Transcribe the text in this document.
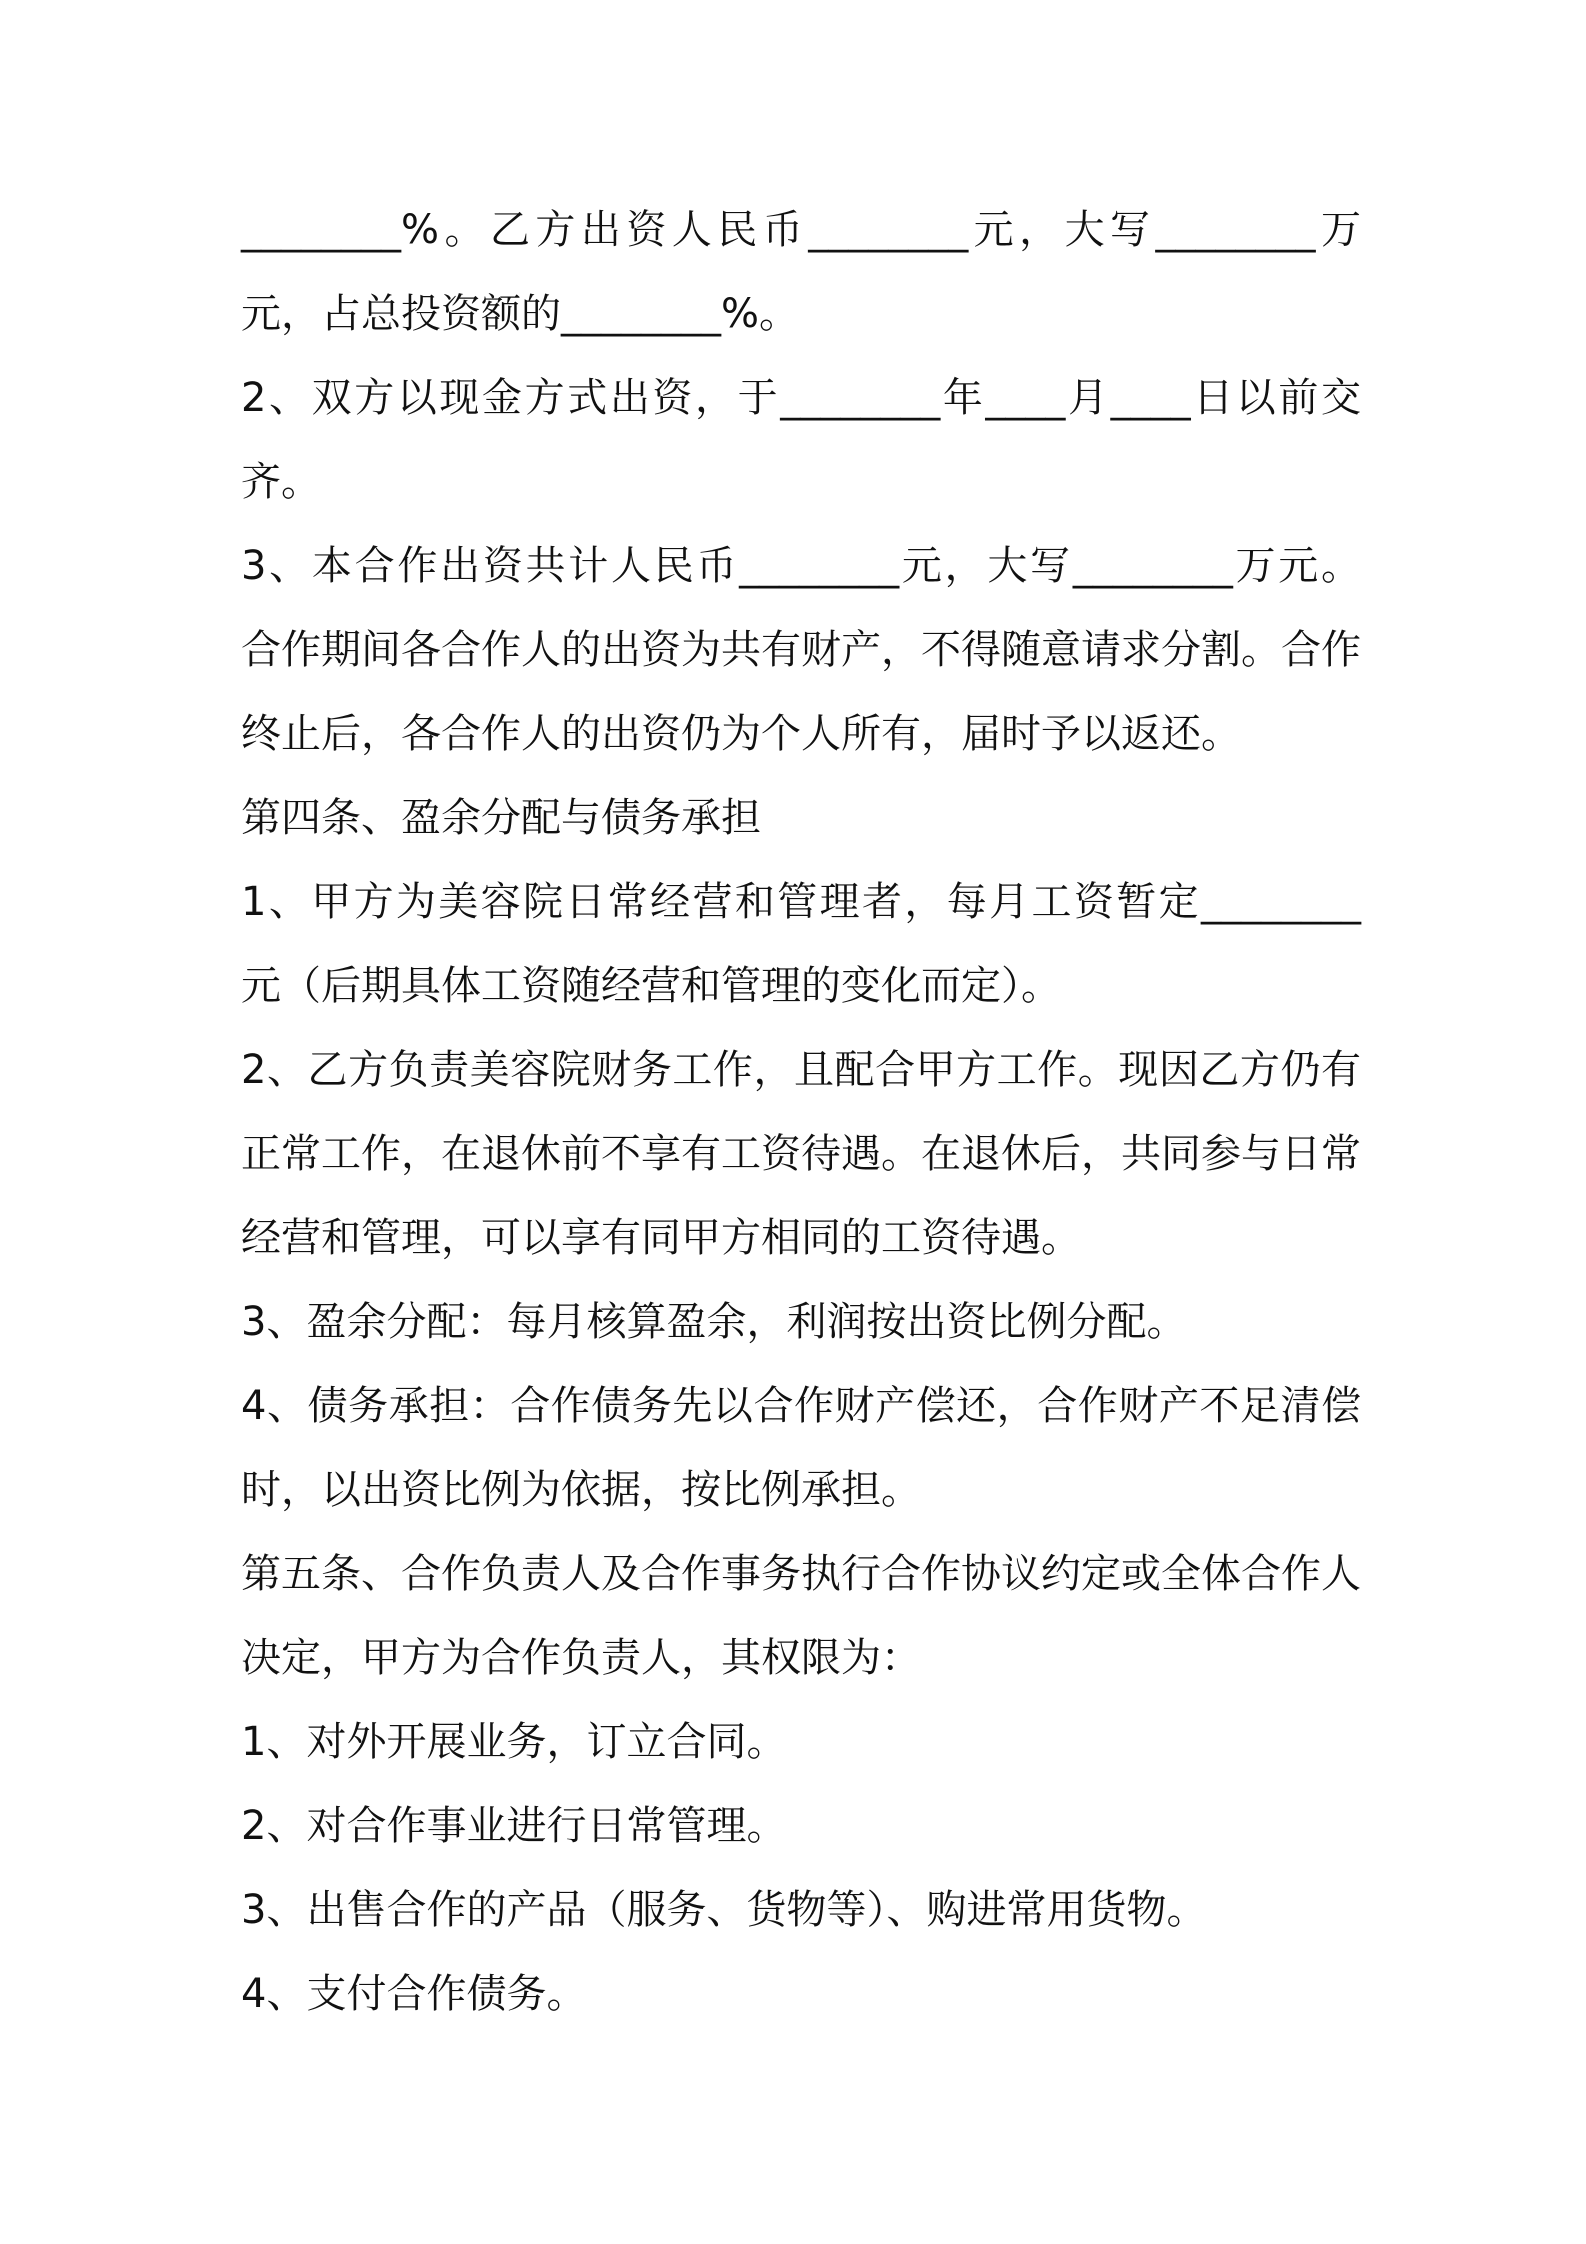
________%。乙方出资人民币________元，大写________万

元，占总投资额的________%。

2、双方以现金方式出资，于________年____月____日以前交

齐。

3、本合作出资共计人民币________元，大写________万元。

合作期间各合作人的出资为共有财产，不得随意请求分割。合作

终止后，各合作人的出资仍为个人所有，届时予以返还。

第四条、盈余分配与债务承担

1、甲方为美容院日常经营和管理者，每月工资暂定________

元（后期具体工资随经营和管理的变化而定）。

2、乙方负责美容院财务工作，且配合甲方工作。现因乙方仍有

正常工作，在退休前不享有工资待遇。在退休后，共同参与日常

经营和管理，可以享有同甲方相同的工资待遇。

3、盈余分配：每月核算盈余，利润按出资比例分配。

4、债务承担：合作债务先以合作财产偿还，合作财产不足清偿

时，以出资比例为依据，按比例承担。

第五条、合作负责人及合作事务执行合作协议约定或全体合作人

决定，甲方为合作负责人，其权限为：

1、对外开展业务，订立合同。

2、对合作事业进行日常管理。

3、出售合作的产品（服务、货物等）、购进常用货物。

4、支付合作债务。
